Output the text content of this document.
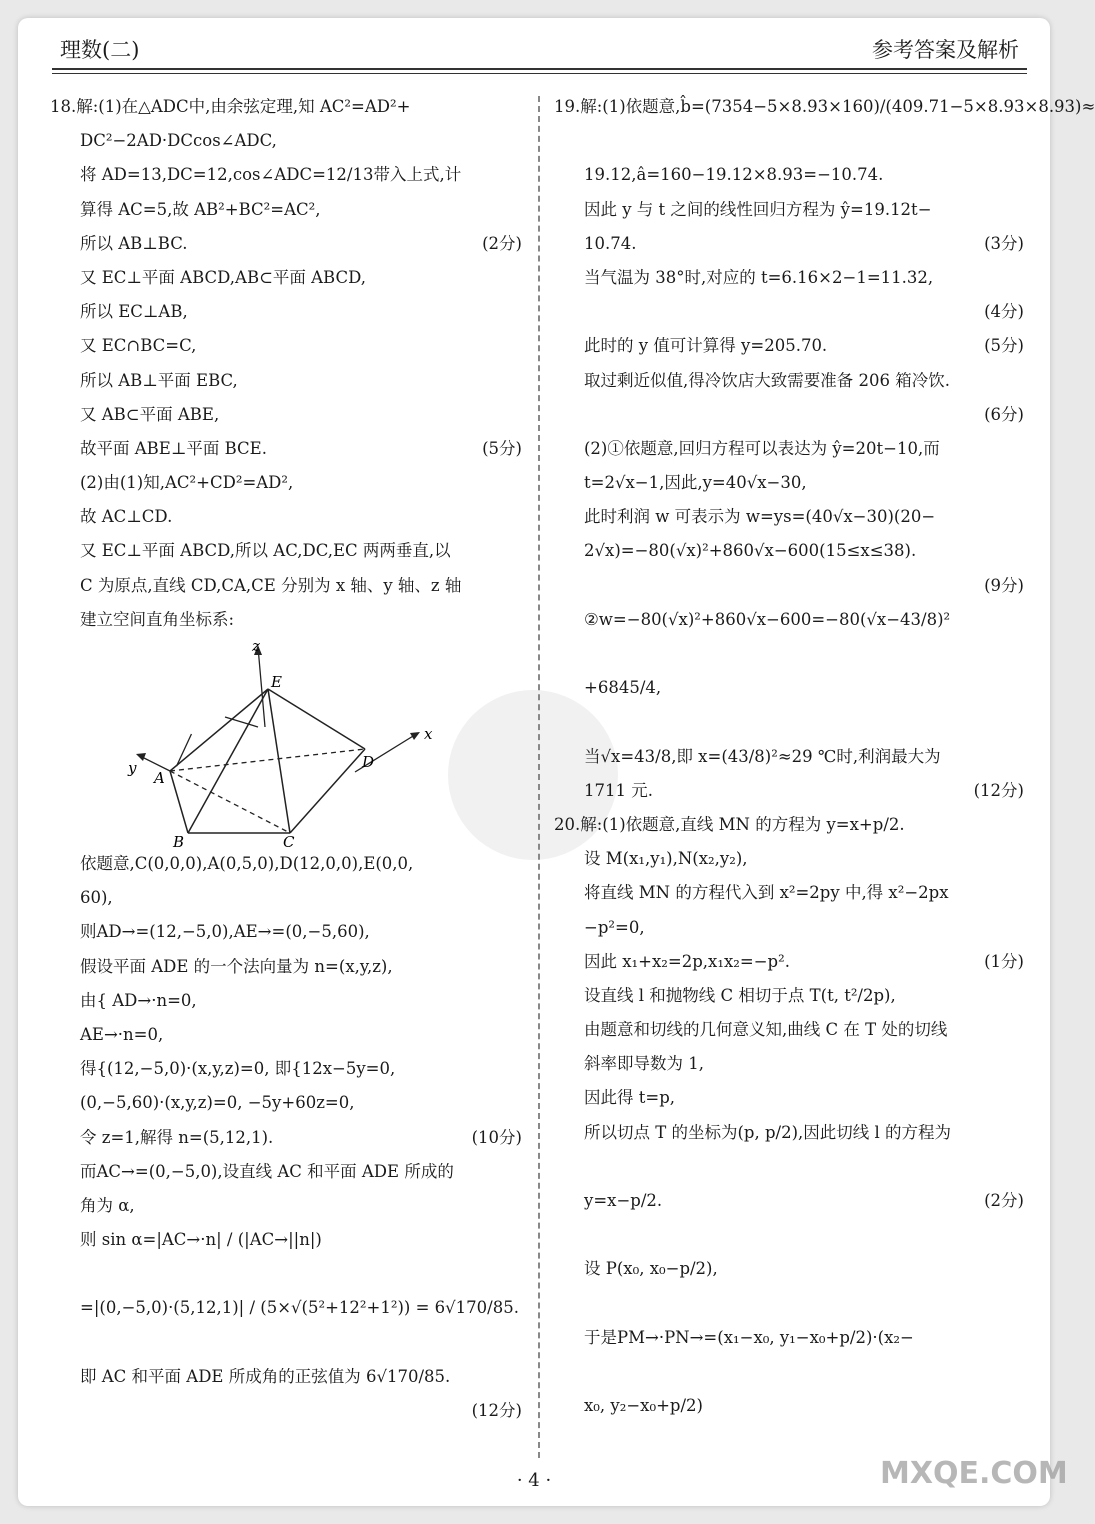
理数(二)	参考答案及解析
18.解:(1)在△ADC中,由余弦定理,知 AC²=AD²+
DC²−2AD·DCcos∠ADC,
将 AD=13,DC=12,cos∠ADC=12/13带入上式,计
算得 AC=5,故 AB²+BC²=AC²,
所以 AB⊥BC.	(2分)
又 EC⊥平面 ABCD,AB⊂平面 ABCD,
所以 EC⊥AB,
又 EC∩BC=C,
所以 AB⊥平面 EBC,
又 AB⊂平面 ABE,
故平面 ABE⊥平面 BCE.	(5分)
(2)由(1)知,AC²+CD²=AD²,
故 AC⊥CD.
又 EC⊥平面 ABCD,所以 AC,DC,EC 两两垂直,以
C 为原点,直线 CD,CA,CE 分别为 x 轴、y 轴、z 轴
建立空间直角坐标系:
z
E
x
y
A
D
B	C
依题意,C(0,0,0),A(0,5,0),D(12,0,0),E(0,0,
60),
则AD→=(12,−5,0),AE→=(0,−5,60),
假设平面 ADE 的一个法向量为 n=(x,y,z),
由{ AD→·n=0,
AE→·n=0,
得{(12,−5,0)·(x,y,z)=0, 即{12x−5y=0,
(0,−5,60)·(x,y,z)=0, −5y+60z=0,
令 z=1,解得 n=(5,12,1).	(10分)
而AC→=(0,−5,0),设直线 AC 和平面 ADE 所成的
角为 α,
则 sin α=|AC→·n| / (|AC→||n|)
=|(0,−5,0)·(5,12,1)| / (5×√(5²+12²+1²)) = 6√170/85.
即 AC 和平面 ADE 所成角的正弦值为 6√170/85.
(12分)
19.解:(1)依题意,b̂=(7354−5×8.93×160)/(409.71−5×8.93×8.93)≈
19.12,â=160−19.12×8.93=−10.74.
因此 y 与 t 之间的线性回归方程为 ŷ=19.12t−
10.74.	(3分)
当气温为 38°时,对应的 t=6.16×2−1=11.32,
(4分)
此时的 y 值可计算得 y=205.70.	(5分)
取过剩近似值,得冷饮店大致需要准备 206 箱冷饮.
(6分)
(2)①依题意,回归方程可以表达为 ŷ=20t−10,而
t=2√x−1,因此,y=40√x−30,
此时利润 w 可表示为 w=ys=(40√x−30)(20−
2√x)=−80(√x)²+860√x−600(15≤x≤38).
(9分)
②w=−80(√x)²+860√x−600=−80(√x−43/8)²
+6845/4,
当√x=43/8,即 x=(43/8)²≈29 ℃时,利润最大为
1711 元.	(12分)
20.解:(1)依题意,直线 MN 的方程为 y=x+p/2.
设 M(x₁,y₁),N(x₂,y₂),
将直线 MN 的方程代入到 x²=2py 中,得 x²−2px
−p²=0,
因此 x₁+x₂=2p,x₁x₂=−p².	(1分)
设直线 l 和抛物线 C 相切于点 T(t, t²/2p),
由题意和切线的几何意义知,曲线 C 在 T 处的切线
斜率即导数为 1,
因此得 t=p,
所以切点 T 的坐标为(p, p/2),因此切线 l 的方程为
y=x−p/2.	(2分)
设 P(x₀, x₀−p/2),
于是PM→·PN→=(x₁−x₀, y₁−x₀+p/2)·(x₂−
x₀, y₂−x₀+p/2)
· 4 ·	MXQE.COM
